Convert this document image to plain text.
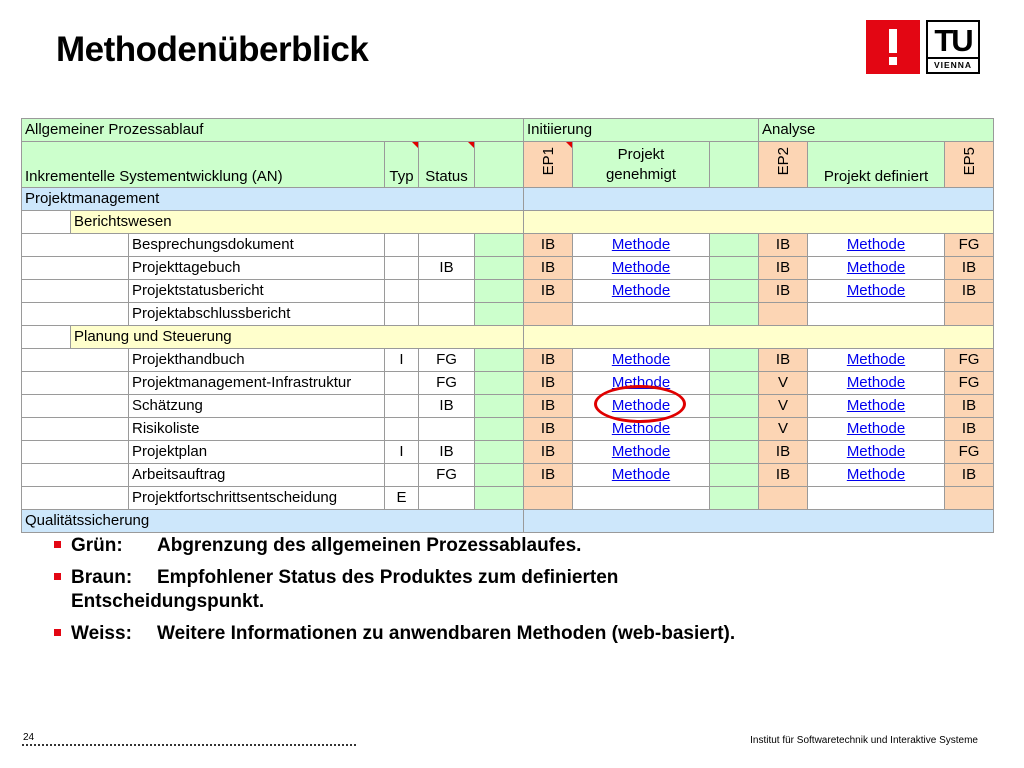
Methodenüberblick	TU
VIENNA
Allgemeiner Prozessablauf						Initiierung			Analyse		
Inkrementelle Systementwicklung (AN)			Typ	Status		EP1	Projekt
genehmigt		EP2	Projekt definiert	EP5
Projektmanagement											
	Berichtswesen										
		Besprechungsdokument				IB	Methode		IB	Methode	FG
		Projekttagebuch		IB		IB	Methode		IB	Methode	IB
		Projektstatusbericht				IB	Methode		IB	Methode	IB
		Projektabschlussbericht									
	Planung und Steuerung										
		Projekthandbuch	I	FG		IB	Methode		IB	Methode	FG
		Projektmanagement-Infrastruktur		FG		IB	Methode		V	Methode	FG
		Schätzung		IB		IB	Methode		V	Methode	IB
		Risikoliste				IB	Methode		V	Methode	IB
		Projektplan	I	IB		IB	Methode		IB	Methode	FG
		Arbeitsauftrag		FG		IB	Methode		IB	Methode	IB
		Projektfortschrittsentscheidung	E								
Qualitätssicherung											
Grün: Abgrenzung des allgemeinen Prozessablaufes.
Braun: Empfohlener Status des Produktes zum definierten
Entscheidungspunkt.
Weiss: Weitere Informationen zu anwendbaren Methoden (web-basiert).
24	Institut für Softwaretechnik und Interaktive Systeme
